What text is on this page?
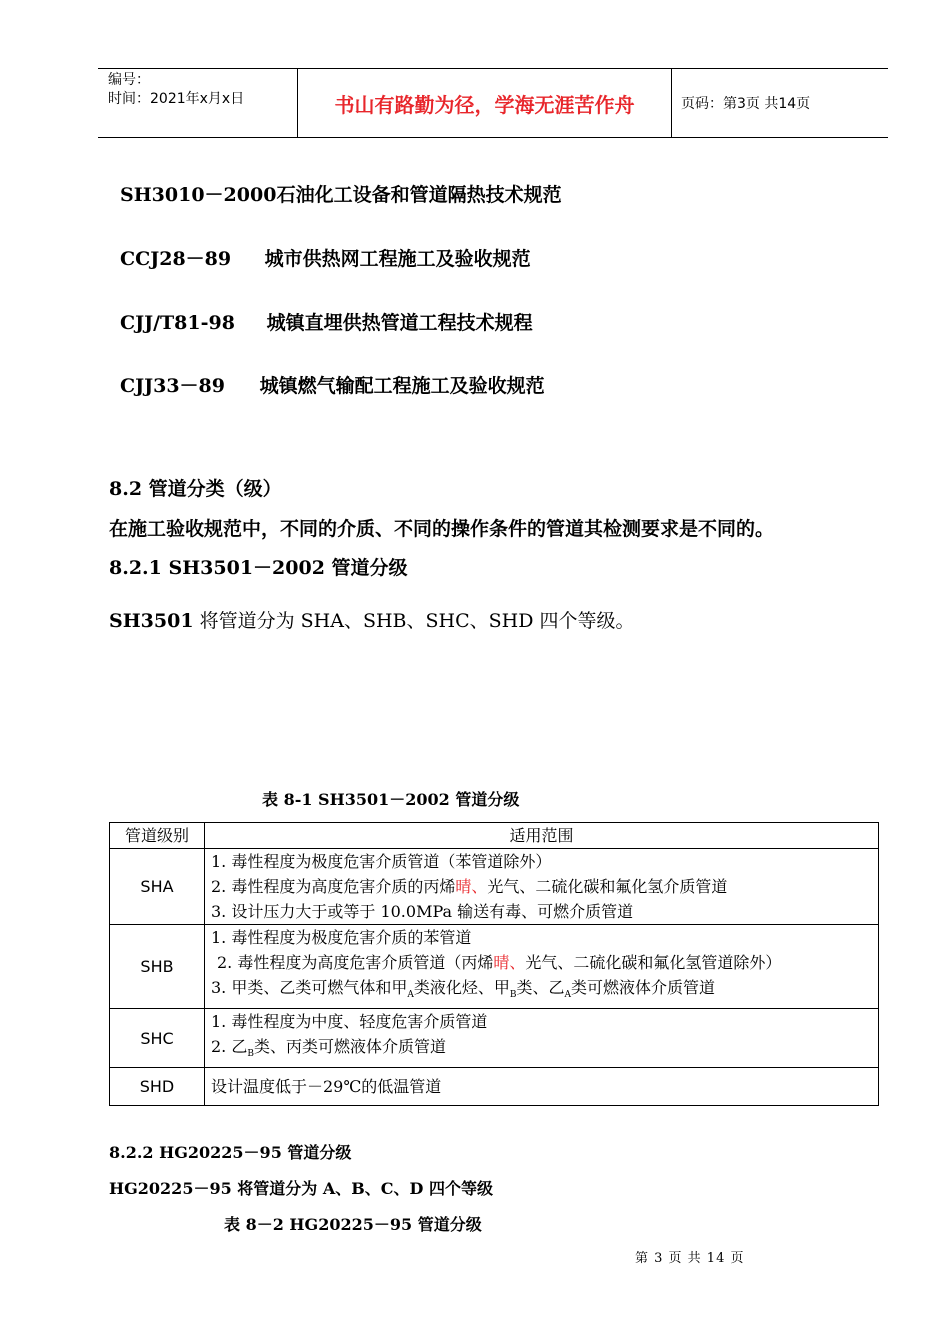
编号：
时间：2021年x月x日	书山有路勤为径，学海无涯苦作舟	页码：第3页 共14页
SH3010－2000 石油化工设备和管道隔热技术规范
CCJ28－89 城市供热网工程施工及验收规范
CJJ/T81-98 城镇直埋供热管道工程技术规程
CJJ33－89 城镇燃气输配工程施工及验收规范
8.2 管道分类（级）
在施工验收规范中，不同的介质、不同的操作条件的管道其检测要求是不同的。
8.2.1 SH3501－2002 管道分级
SH3501 将管道分为 SHA、SHB、SHC、SHD 四个等级。
表 8-1 SH3501－2002 管道分级
管道级别	适用范围
SHA	1. 毒性程度为极度危害介质管道（苯管道除外）
2. 毒性程度为高度危害介质的丙烯晴、光气、二硫化碳和氟化氢介质管道
3. 设计压力大于或等于 10.0MPa 输送有毒、可燃介质管道

SHB	1. 毒性程度为极度危害介质的苯管道
2. 毒性程度为高度危害介质管道（丙烯晴、光气、二硫化碳和氟化氢管道除外）
3. 甲类、乙类可燃气体和甲$_A$类液化烃、甲$_B$类、乙$_A$类可燃液体介质管道

SHC	1. 毒性程度为中度、轻度危害介质管道
2. 乙$_B$类、丙类可燃液体介质管道

SHD	设计温度低于－29℃的低温管道
8.2.2 HG20225－95 管道分级
HG20225－95 将管道分为 A、B、C、D 四个等级
表 8－2 HG20225－95 管道分级
第 3 页 共 14 页
